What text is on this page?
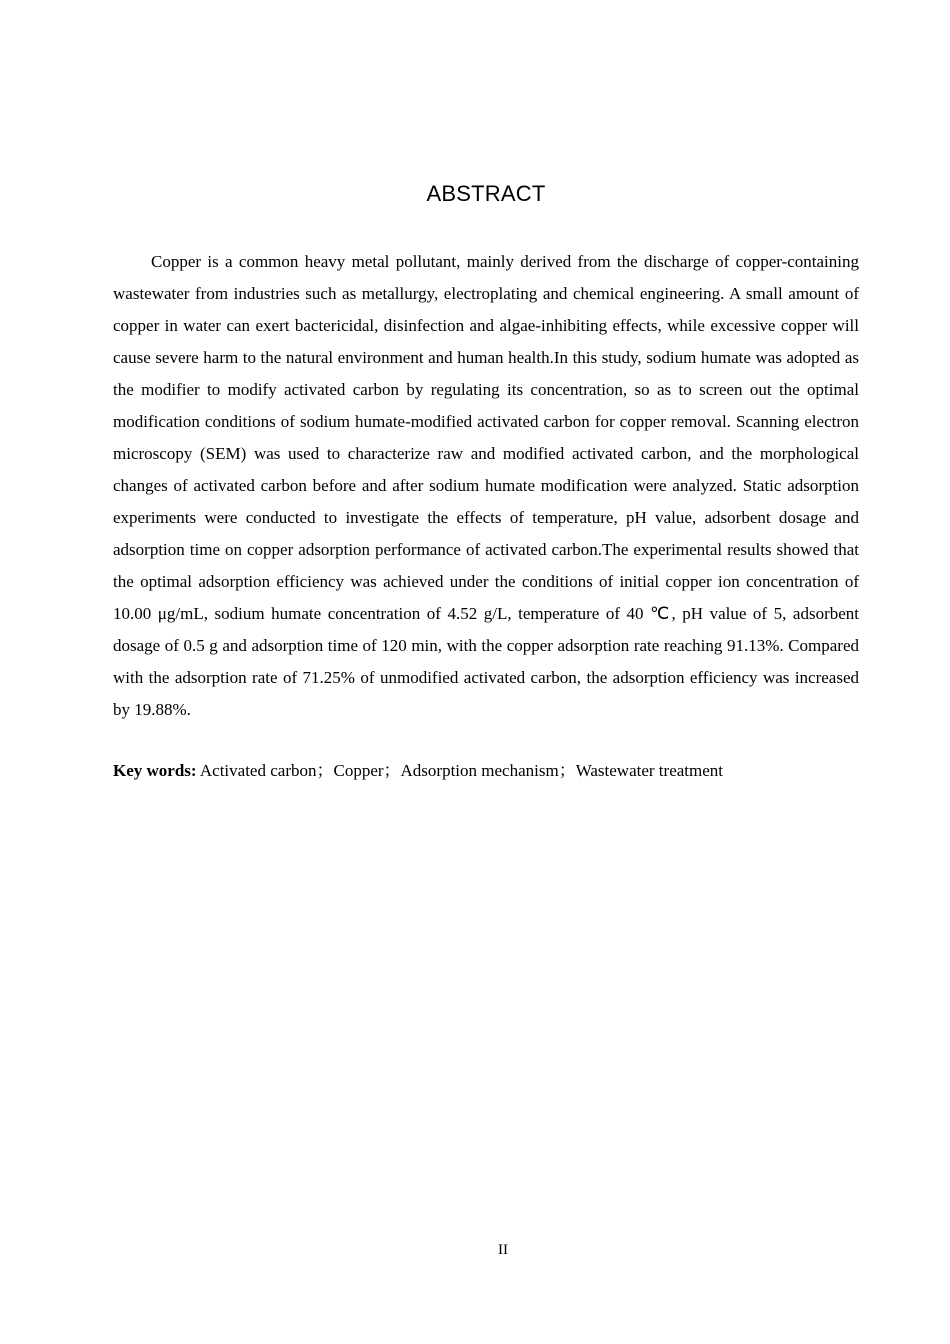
ABSTRACT

Copper is a common heavy metal pollutant, mainly derived from the discharge of copper-containing wastewater from industries such as metallurgy, electroplating and chemical engineering. A small amount of copper in water can exert bactericidal, disinfection and algae-inhibiting effects, while excessive copper will cause severe harm to the natural environment and human health.In this study, sodium humate was adopted as the modifier to modify activated carbon by regulating its concentration, so as to screen out the optimal modification conditions of sodium humate-modified activated carbon for copper removal. Scanning electron microscopy (SEM) was used to characterize raw and modified activated carbon, and the morphological changes of activated carbon before and after sodium humate modification were analyzed. Static adsorption experiments were conducted to investigate the effects of temperature, pH value, adsorbent dosage and adsorption time on copper adsorption performance of activated carbon.The experimental results showed that the optimal adsorption efficiency was achieved under the conditions of initial copper ion concentration of 10.00 μg/mL, sodium humate concentration of 4.52 g/L, temperature of 40 ℃, pH value of 5, adsorbent dosage of 0.5 g and adsorption time of 120 min, with the copper adsorption rate reaching 91.13%. Compared with the adsorption rate of 71.25% of unmodified activated carbon, the adsorption efficiency was increased by 19.88%.

Key words: Activated carbon；Copper；Adsorption mechanism；Wastewater treatment

II
